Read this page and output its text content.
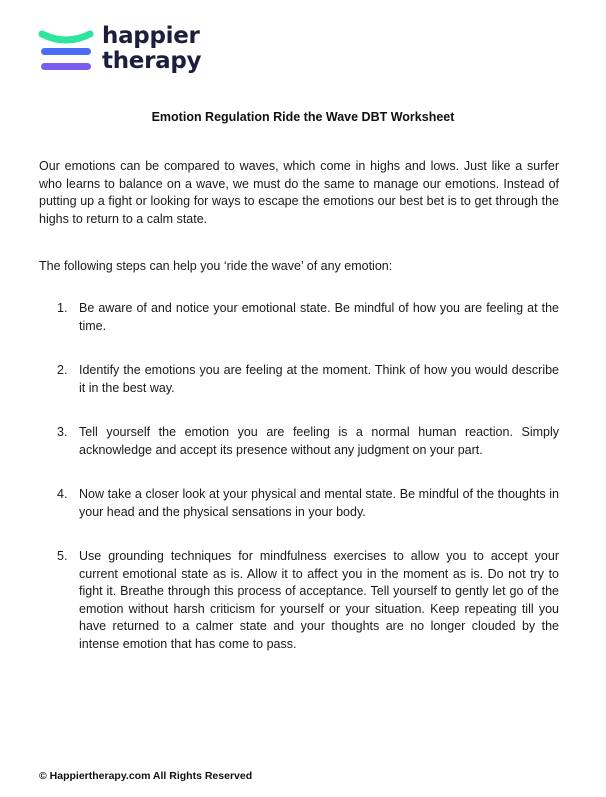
happier
therapy
Emotion Regulation Ride the Wave DBT Worksheet

Our emotions can be compared to waves, which come in highs and lows. Just like a surfer who learns to balance on a wave, we must do the same to manage our emotions. Instead of putting up a fight or looking for ways to escape the emotions our best bet is to get through the highs to return to a calm state.

The following steps can help you ‘ride the wave’ of any emotion:

1. Be aware of and notice your emotional state. Be mindful of how you are feeling at the time.
2. Identify the emotions you are feeling at the moment. Think of how you would describe it in the best way.
3. Tell yourself the emotion you are feeling is a normal human reaction. Simply acknowledge and accept its presence without any judgment on your part.
4. Now take a closer look at your physical and mental state. Be mindful of the thoughts in your head and the physical sensations in your body.
5. Use grounding techniques for mindfulness exercises to allow you to accept your current emotional state as is. Allow it to affect you in the moment as is. Do not try to fight it. Breathe through this process of acceptance. Tell yourself to gently let go of the emotion without harsh criticism for yourself or your situation. Keep repeating till you have returned to a calmer state and your thoughts are no longer clouded by the intense emotion that has come to pass.
© Happiertherapy.com All Rights Reserved
